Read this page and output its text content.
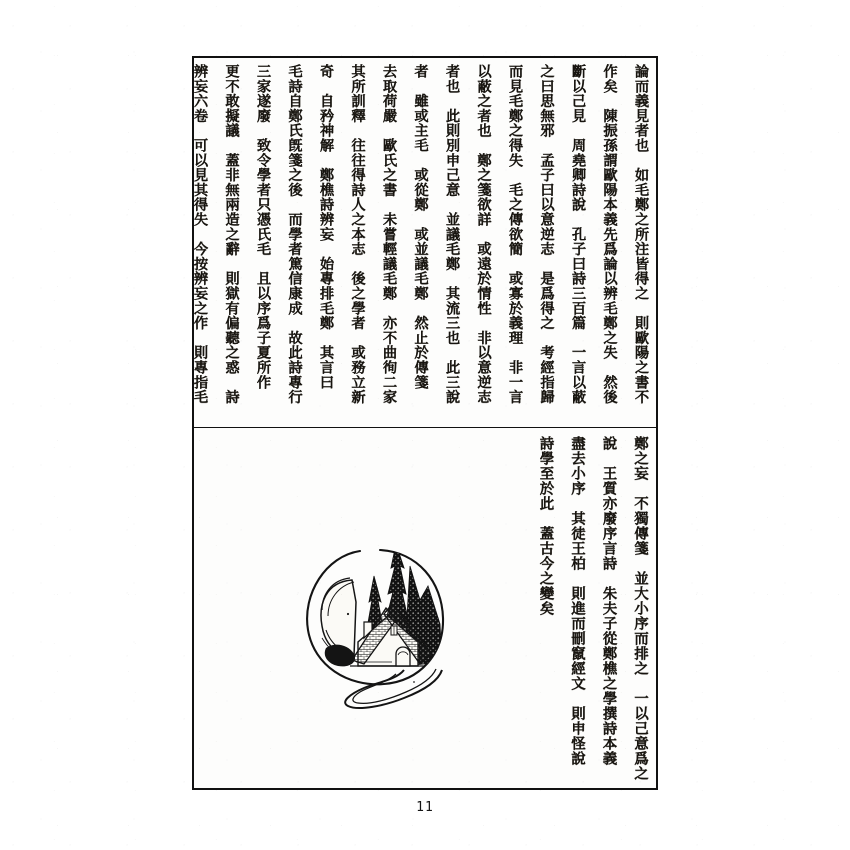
論而義見者也　如毛鄭之所注皆得之　則歐陽之書不
作矣　陳振孫謂歐陽本義先爲論以辨毛鄭之失　然後
斷以己見　周堯卿詩說　孔子曰詩三百篇　一言以蔽
之曰思無邪　孟子曰以意逆志　是爲得之　考經指歸
而見毛鄭之得失　毛之傳欲簡　或寡於義理　非一言
以蔽之者也　鄭之箋欲詳　或遠於情性　非以意逆志
者也　此則別申己意　並議毛鄭　其流三也　此三說
者　雖或主毛　或從鄭　或並議毛鄭　然止於傳箋
去取荷嚴　歐氏之書　未嘗輕議毛鄭　亦不曲徇二家
其所訓釋　往往得詩人之本志　後之學者　或務立新
奇　自矜神解　鄭樵詩辨妄　始專排毛鄭　其言曰
毛詩自鄭氏旣箋之後　而學者篤信康成　故此詩專行
三家遂廢　致令學者只憑氏毛　且以序爲子夏所作
更不敢擬議　蓋非無兩造之辭　則獄有偏聽之惑　詩
辨妄六卷　可以見其得失　今按辨妄之作　則專指毛
鄭之妄　不獨傳箋　並大小序而排之　一以己意爲之
說　王質亦廢序言詩　朱夫子從鄭樵之學撰詩本義
盡去小序　其徒王柏　則進而刪竄經文　則申怪說
詩學至於此　蓋古今之變矣
11
